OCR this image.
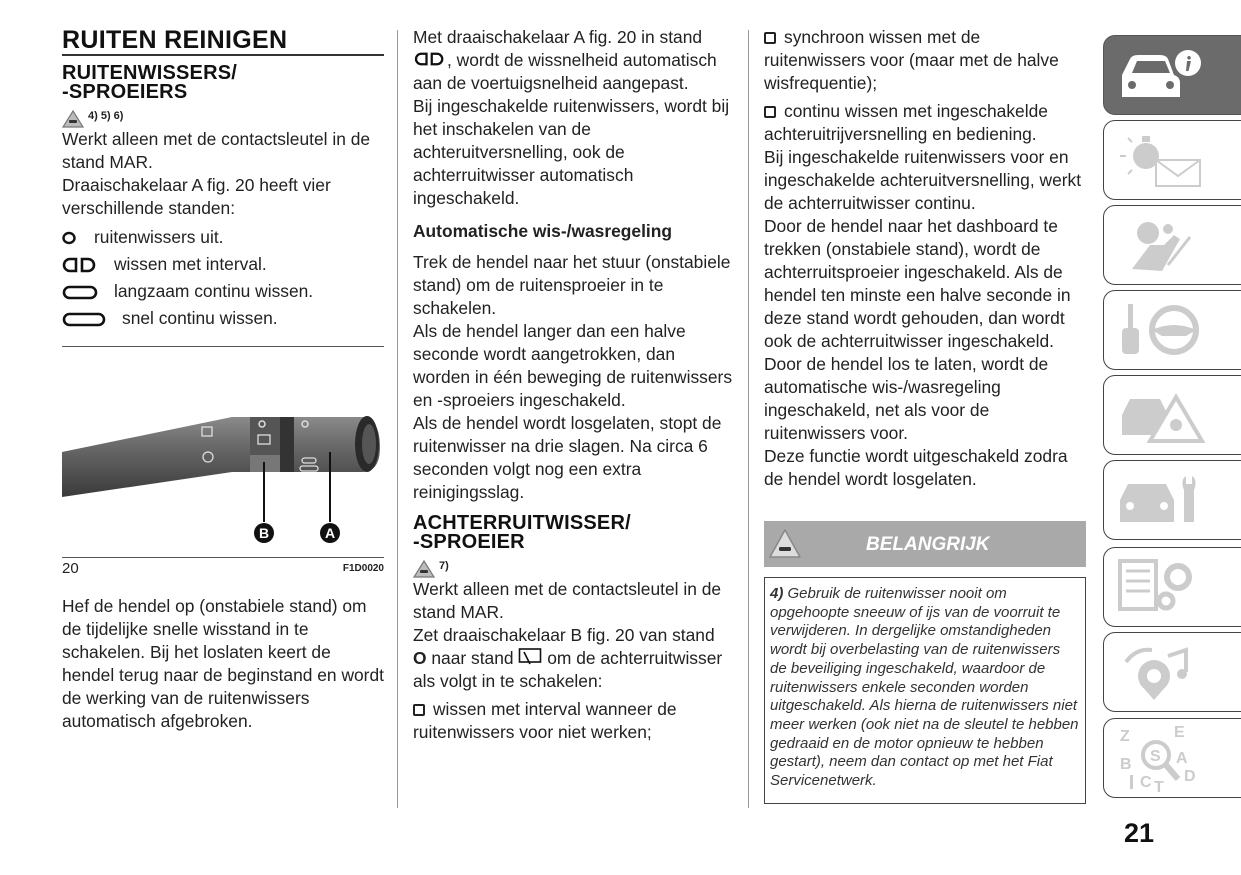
RUITEN REINIGEN
RUITENWISSERS/
-SPROEIERS
4) 5) 6)

Werkt alleen met de contactsleutel in de stand MAR.

Draaischakelaar A fig. 20 heeft vier verschillende standen:

ruitenwissers uit.
wissen met interval.
langzaam continu wissen.
snel continu wissen.
B	A
20	F1D0020

Hef de hendel op (onstabiele stand) om de tijdelijke snelle wisstand in te schakelen. Bij het loslaten keert de hendel terug naar de beginstand en wordt de werking van de ruitenwissers automatisch afgebroken.

Met draaischakelaar A fig. 20 in stand
, wordt de wissnelheid automatisch aan de voertuigsnelheid aangepast.

Bij ingeschakelde ruitenwissers, wordt bij het inschakelen van de achteruitversnelling, ook de achterruitwisser automatisch ingeschakeld.

Automatische wis-/wasregeling

Trek de hendel naar het stuur (onstabiele stand) om de ruitensproeier in te schakelen.

Als de hendel langer dan een halve seconde wordt aangetrokken, dan worden in één beweging de ruitenwissers en -sproeiers ingeschakeld.

Als de hendel wordt losgelaten, stopt de ruitenwisser na drie slagen. Na circa 6 seconden volgt nog een extra reinigingsslag.

ACHTERRUITWISSER/
-SPROEIER
7)

Werkt alleen met de contactsleutel in de stand MAR.

Zet draaischakelaar B fig. 20 van stand
O naar stand  om de achterruitwisser als volgt in te schakelen:

wissen met interval wanneer de ruitenwissers voor niet werken;

synchroon wissen met de ruitenwissers voor (maar met de halve wisfrequentie);

continu wissen met ingeschakelde achteruitrijversnelling en bediening.

Bij ingeschakelde ruitenwissers voor en ingeschakelde achteruitversnelling, werkt de achterruitwisser continu.

Door de hendel naar het dashboard te trekken (onstabiele stand), wordt de achterruitsproeier ingeschakeld. Als de hendel ten minste een halve seconde in deze stand wordt gehouden, dan wordt ook de achterruitwisser ingeschakeld. Door de hendel los te laten, wordt de automatische wis-/wasregeling ingeschakeld, net als voor de ruitenwissers voor.

Deze functie wordt uitgeschakeld zodra de hendel wordt losgelaten.

BELANGRIJK
4) Gebruik de ruitenwisser nooit om opgehoopte sneeuw of ijs van de voorruit te verwijderen. In dergelijke omstandigheden wordt bij overbelasting van de ruitenwissers de beveiliging ingeschakeld, waardoor de ruitenwissers enkele seconden worden uitgeschakeld. Als hierna de ruitenwissers niet meer werken (ook niet na de sleutel te hebben gedraaid en de motor opnieuw te hebben gestart), neem dan contact op met het Fiat Servicenetwerk.
Z	E B	A C TDS
21
